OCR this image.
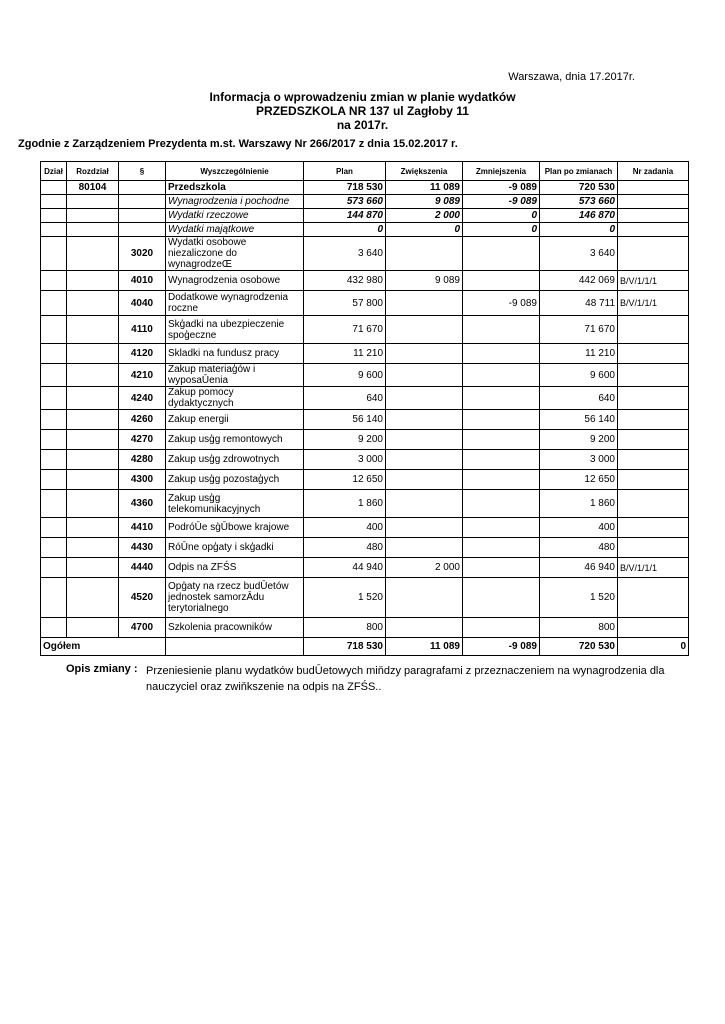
Warszawa, dnia 17.2017r.
Informacja o wprowadzeniu zmian w planie wydatków
PRZEDSZKOLA NR 137 ul Zagłoby 11
na 2017r.
Zgodnie z Zarządzeniem Prezydenta m.st. Warszawy Nr 266/2017 z dnia 15.02.2017 r.
Dział	Rozdział	§	Wyszczególnienie	Plan	Zwiększenia	Zmniejszenia	Plan po zmianach	Nr zadania
	80104		Przedszkola	718 530	11 089	-9 089	720 530	
			Wynagrodzenia i pochodne	573 660	9 089	-9 089	573 660	
			Wydatki rzeczowe	144 870	2 000	0	146 870	
			Wydatki majątkowe	0	0	0	0	
		3020	Wydatki osobowe niezaliczone do wynagrodzeŒ	3 640			3 640	
		4010	Wynagrodzenia osobowe	432 980	9 089		442 069	B/V/1/1/1
		4040	Dodatkowe wynagrodzenia roczne	57 800		-9 089	48 711	B/V/1/1/1
		4110	Skģadki na ubezpieczenie spoģeczne	71 670			71 670	
		4120	Skladki na fundusz pracy	11 210			11 210	
		4210	Zakup materiaģów i wyposaŪenia	9 600			9 600	
		4240	Zakup pomocy dydaktycznych	640			640	
		4260	Zakup energii	56 140			56 140	
		4270	Zakup usģg remontowych	9 200			9 200	
		4280	Zakup usģg zdrowotnych	3 000			3 000	
		4300	Zakup usģg pozostaģych	12 650			12 650	
		4360	Zakup usģg telekomunikacyjnych	1 860			1 860	
		4410	PodróŪe sģŪbowe krajowe	400			400	
		4430	RóŪne opģaty i skģadki	480			480	
		4440	Odpis na ZFŚS	44 940	2 000		46 940	B/V/1/1/1
		4520	Opģaty na rzecz budŪetów jednostek samorzĀdu terytorialnego	1 520			1 520	
		4700	Szkolenia pracowników	800			800	
Ogółem				718 530	11 089	-9 089	720 530	0
Opis zmiany : Przeniesienie planu wydatków budŪetowych miňdzy paragrafami z przeznaczeniem na wynagrodzenia dla nauczyciel oraz zwiňkszenie na odpis na ZFŚS..
